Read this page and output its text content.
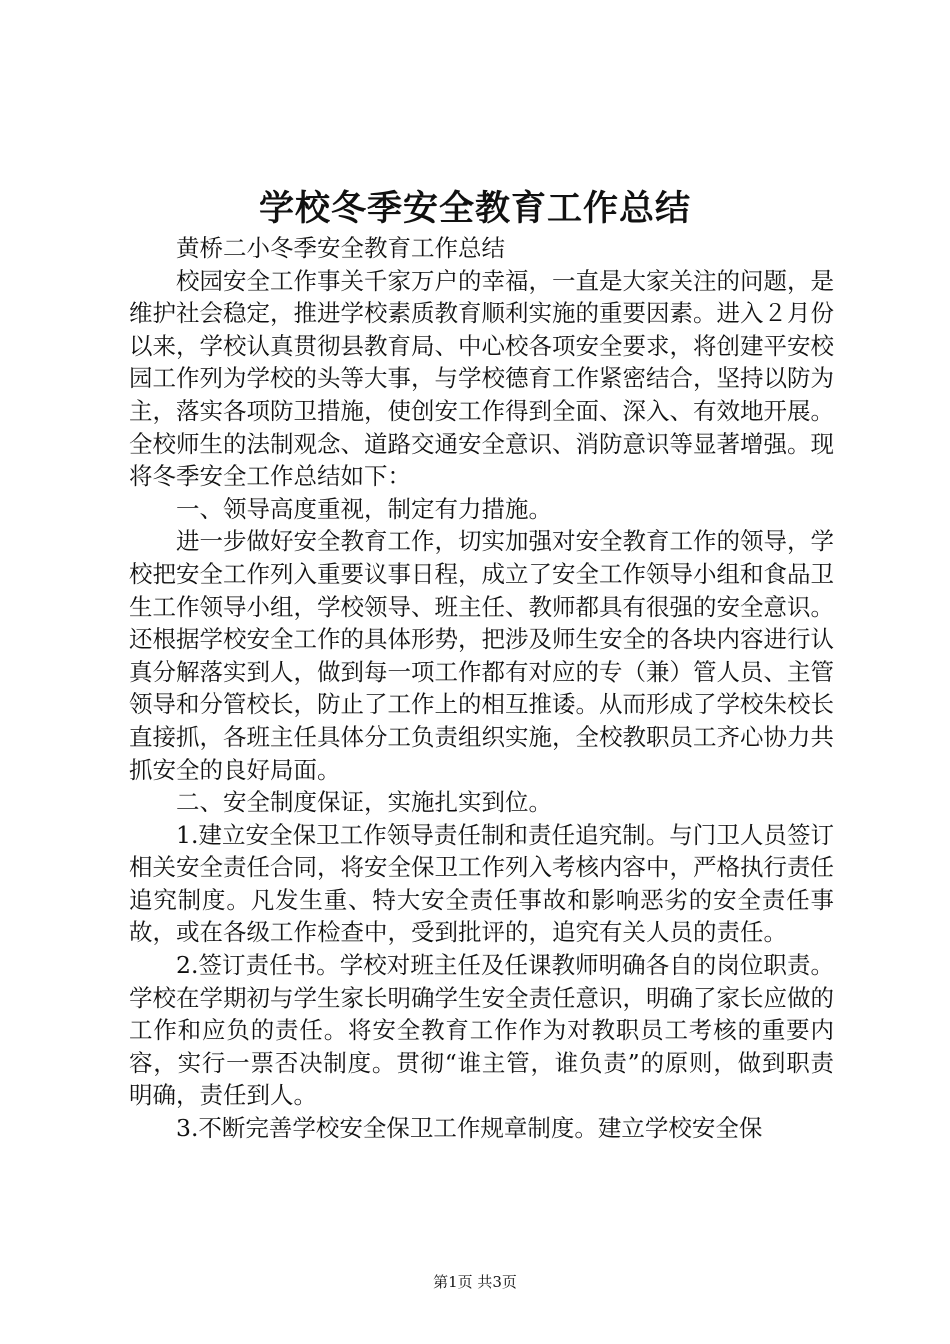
学校冬季安全教育工作总结

黄桥二小冬季安全教育工作总结

校园安全工作事关千家万户的幸福，一直是大家关注的问题，是维护社会稳定，推进学校素质教育顺利实施的重要因素。进入２月份以来，学校认真贯彻县教育局、中心校各项安全要求，将创建平安校园工作列为学校的头等大事，与学校德育工作紧密结合，坚持以防为主，落实各项防卫措施，使创安工作得到全面、深入、有效地开展。全校师生的法制观念、道路交通安全意识、消防意识等显著增强。现将冬季安全工作总结如下：

一、领导高度重视，制定有力措施。

进一步做好安全教育工作，切实加强对安全教育工作的领导，学校把安全工作列入重要议事日程，成立了安全工作领导小组和食品卫生工作领导小组，学校领导、班主任、教师都具有很强的安全意识。还根据学校安全工作的具体形势，把涉及师生安全的各块内容进行认真分解落实到人，做到每一项工作都有对应的专（兼）管人员、主管领导和分管校长，防止了工作上的相互推诿。从而形成了学校朱校长直接抓，各班主任具体分工负责组织实施，全校教职员工齐心协力共抓安全的良好局面。

二、安全制度保证，实施扎实到位。

1.建立安全保卫工作领导责任制和责任追究制。与门卫人员签订相关安全责任合同，将安全保卫工作列入考核内容中，严格执行责任追究制度。凡发生重、特大安全责任事故和影响恶劣的安全责任事故，或在各级工作检查中，受到批评的，追究有关人员的责任。

2.签订责任书。学校对班主任及任课教师明确各自的岗位职责。学校在学期初与学生家长明确学生安全责任意识，明确了家长应做的工作和应负的责任。将安全教育工作作为对教职员工考核的重要内容，实行一票否决制度。贯彻“谁主管，谁负责”的原则，做到职责明确，责任到人。

3.不断完善学校安全保卫工作规章制度。建立学校安全保

第1页 共3页
